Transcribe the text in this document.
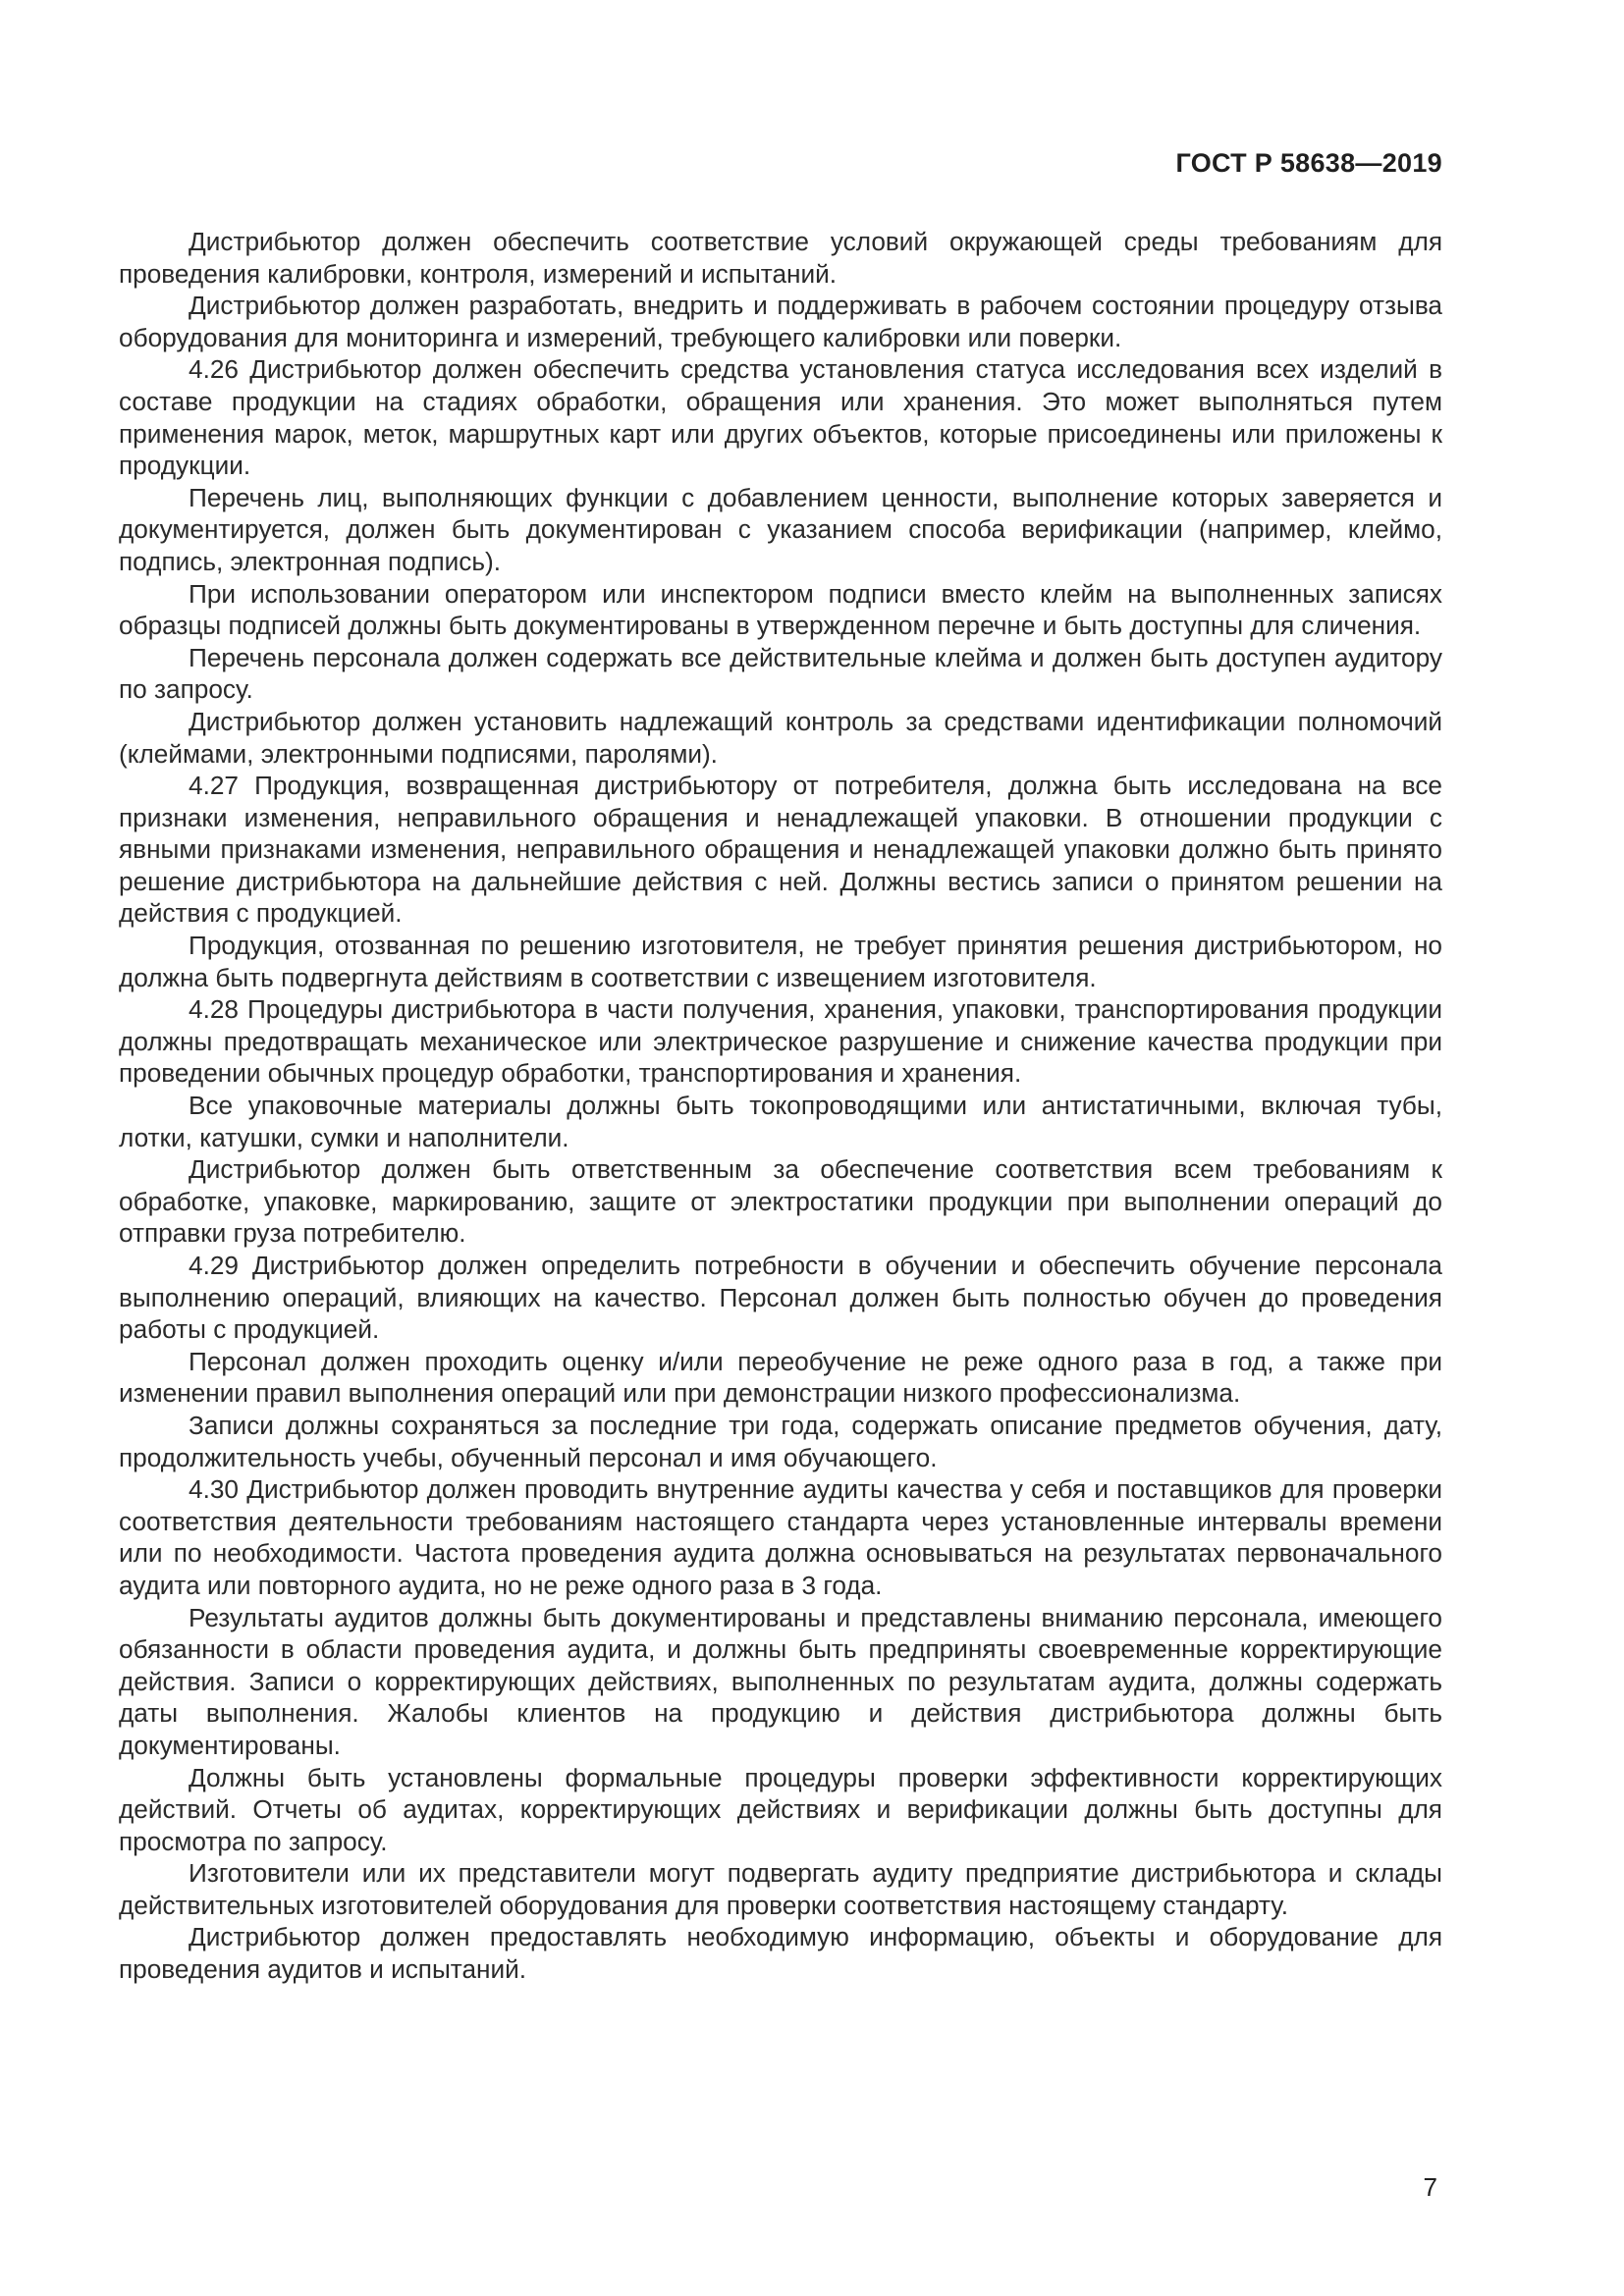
ГОСТ Р 58638—2019

Дистрибьютор должен обеспечить соответствие условий окружающей среды требованиям для проведения калибровки, контроля, измерений и испытаний.

Дистрибьютор должен разработать, внедрить и поддерживать в рабочем состоянии процедуру отзыва оборудования для мониторинга и измерений, требующего калибровки или поверки.

4.26 Дистрибьютор должен обеспечить средства установления статуса исследования всех изделий в составе продукции на стадиях обработки, обращения или хранения. Это может выполняться путем применения марок, меток, маршрутных карт или других объектов, которые присоединены или приложены к продукции.

Перечень лиц, выполняющих функции с добавлением ценности, выполнение которых заверяется и документируется, должен быть документирован с указанием способа верификации (например, клеймо, подпись, электронная подпись).

При использовании оператором или инспектором подписи вместо клейм на выполненных записях образцы подписей должны быть документированы в утвержденном перечне и быть доступны для сличения.

Перечень персонала должен содержать все действительные клейма и должен быть доступен аудитору по запросу.

Дистрибьютор должен установить надлежащий контроль за средствами идентификации полномочий (клеймами, электронными подписями, паролями).

4.27 Продукция, возвращенная дистрибьютору от потребителя, должна быть исследована на все признаки изменения, неправильного обращения и ненадлежащей упаковки. В отношении продукции с явными признаками изменения, неправильного обращения и ненадлежащей упаковки должно быть принято решение дистрибьютора на дальнейшие действия с ней. Должны вестись записи о принятом решении на действия с продукцией.

Продукция, отозванная по решению изготовителя, не требует принятия решения дистрибьютором, но должна быть подвергнута действиям в соответствии с извещением изготовителя.

4.28 Процедуры дистрибьютора в части получения, хранения, упаковки, транспортирования продукции должны предотвращать механическое или электрическое разрушение и снижение качества продукции при проведении обычных процедур обработки, транспортирования и хранения.

Все упаковочные материалы должны быть токопроводящими или антистатичными, включая тубы, лотки, катушки, сумки и наполнители.

Дистрибьютор должен быть ответственным за обеспечение соответствия всем требованиям к обработке, упаковке, маркированию, защите от электростатики продукции при выполнении операций до отправки груза потребителю.

4.29 Дистрибьютор должен определить потребности в обучении и обеспечить обучение персонала выполнению операций, влияющих на качество. Персонал должен быть полностью обучен до проведения работы с продукцией.

Персонал должен проходить оценку и/или переобучение не реже одного раза в год, а также при изменении правил выполнения операций или при демонстрации низкого профессионализма.

Записи должны сохраняться за последние три года, содержать описание предметов обучения, дату, продолжительность учебы, обученный персонал и имя обучающего.

4.30 Дистрибьютор должен проводить внутренние аудиты качества у себя и поставщиков для проверки соответствия деятельности требованиям настоящего стандарта через установленные интервалы времени или по необходимости. Частота проведения аудита должна основываться на результатах первоначального аудита или повторного аудита, но не реже одного раза в 3 года.

Результаты аудитов должны быть документированы и представлены вниманию персонала, имеющего обязанности в области проведения аудита, и должны быть предприняты своевременные корректирующие действия. Записи о корректирующих действиях, выполненных по результатам аудита, должны содержать даты выполнения. Жалобы клиентов на продукцию и действия дистрибьютора должны быть документированы.

Должны быть установлены формальные процедуры проверки эффективности корректирующих действий. Отчеты об аудитах, корректирующих действиях и верификации должны быть доступны для просмотра по запросу.

Изготовители или их представители могут подвергать аудиту предприятие дистрибьютора и склады действительных изготовителей оборудования для проверки соответствия настоящему стандарту.

Дистрибьютор должен предоставлять необходимую информацию, объекты и оборудование для проведения аудитов и испытаний.

7
